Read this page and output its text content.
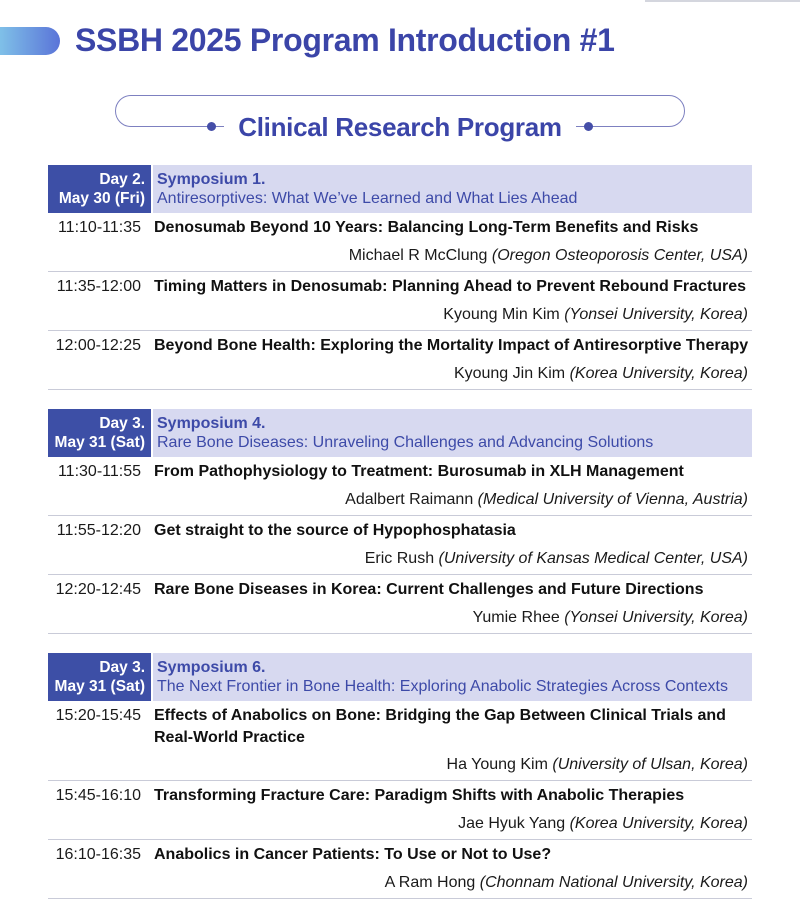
SSBH 2025 Program Introduction #1
Clinical Research Program
Day 2.
May 30 (Fri)
Symposium 1.
Antiresorptives: What We’ve Learned and What Lies Ahead
11:10-11:35 Denosumab Beyond 10 Years: Balancing Long-Term Benefits and Risks
Michael R McClung (Oregon Osteoporosis Center, USA)
11:35-12:00 Timing Matters in Denosumab: Planning Ahead to Prevent Rebound Fractures
Kyoung Min Kim (Yonsei University, Korea)
12:00-12:25 Beyond Bone Health: Exploring the Mortality Impact of Antiresorptive Therapy
Kyoung Jin Kim (Korea University, Korea)
Day 3.
May 31 (Sat)
Symposium 4.
Rare Bone Diseases: Unraveling Challenges and Advancing Solutions
11:30-11:55 From Pathophysiology to Treatment: Burosumab in XLH Management
Adalbert Raimann (Medical University of Vienna, Austria)
11:55-12:20 Get straight to the source of Hypophosphatasia
Eric Rush (University of Kansas Medical Center, USA)
12:20-12:45 Rare Bone Diseases in Korea: Current Challenges and Future Directions
Yumie Rhee (Yonsei University, Korea)
Day 3.
May 31 (Sat)
Symposium 6.
The Next Frontier in Bone Health: Exploring Anabolic Strategies Across Contexts
15:20-15:45 Effects of Anabolics on Bone: Bridging the Gap Between Clinical Trials and Real-World Practice
Ha Young Kim (University of Ulsan, Korea)
15:45-16:10 Transforming Fracture Care: Paradigm Shifts with Anabolic Therapies
Jae Hyuk Yang (Korea University, Korea)
16:10-16:35 Anabolics in Cancer Patients: To Use or Not to Use?
A Ram Hong (Chonnam National University, Korea)
